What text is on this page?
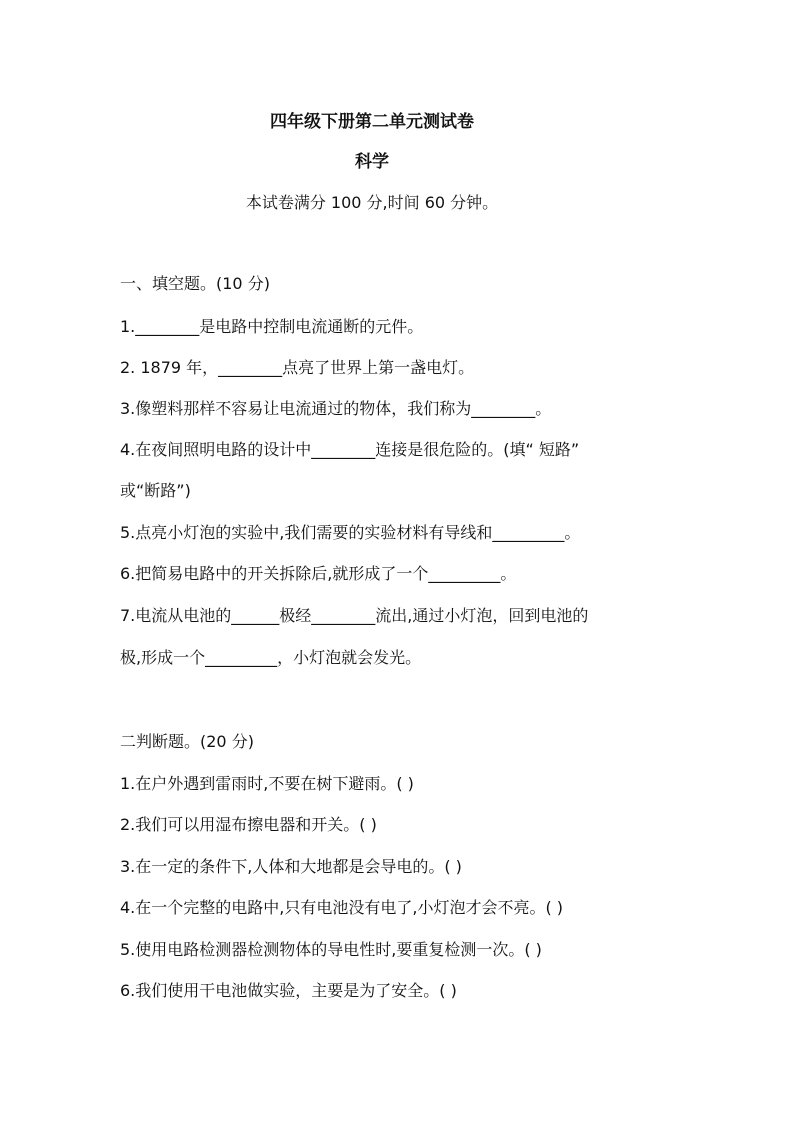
四年级下册第二单元测试卷

科学

本试卷满分 100 分,时间 60 分钟。

一、填空题。(10 分)

1.________是电路中控制电流通断的元件。

2. 1879 年，________点亮了世界上第一盏电灯。

3.像塑料那样不容易让电流通过的物体，我们称为________。

4.在夜间照明电路的设计中________连接是很危险的。(填“ 短路”

或“断路”)

5.点亮小灯泡的实验中,我们需要的实验材料有导线和_________。

6.把简易电路中的开关拆除后,就形成了一个_________。

7.电流从电池的______极经________流出,通过小灯泡，回到电池的

极,形成一个_________，小灯泡就会发光。

二判断题。(20 分)

1.在户外遇到雷雨时,不要在树下避雨。( )

2.我们可以用湿布擦电器和开关。( )

3.在一定的条件下,人体和大地都是会导电的。( )

4.在一个完整的电路中,只有电池没有电了,小灯泡才会不亮。( )

5.使用电路检测器检测物体的导电性时,要重复检测一次。( )

6.我们使用干电池做实验，主要是为了安全。( )
